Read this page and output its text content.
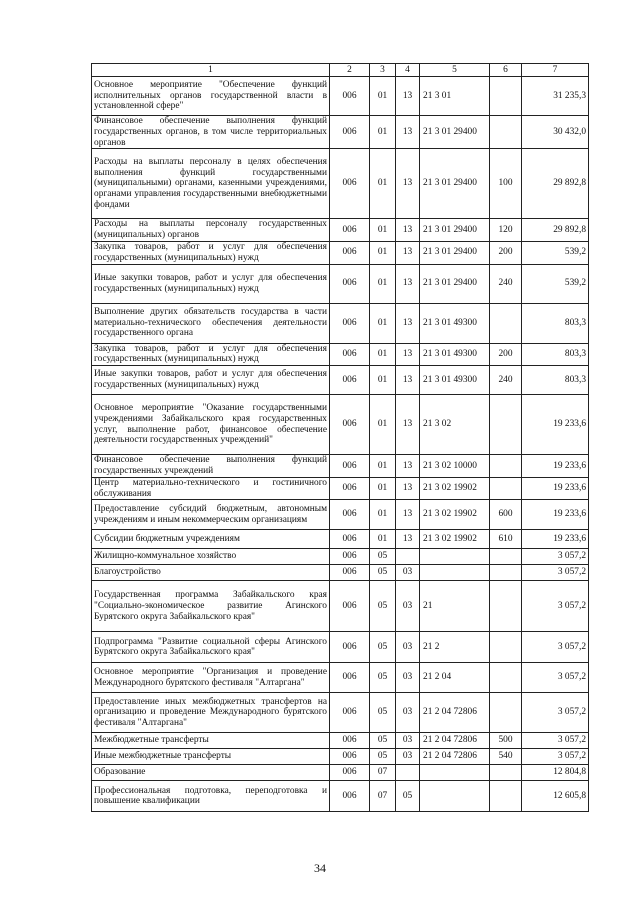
1	2	3	4	5	6	7
Основное мероприятие "Обеспечение функций исполнительных органов государственной власти в установленной сфере"	006	01	13	21 3 01		31 235,3
Финансовое обеспечение выполнения функций государственных органов, в том числе территориальных органов	006	01	13	21 3 01 29400		30 432,0
Расходы на выплаты персоналу в целях обеспечения выполнения функций государственными (муниципальными) органами, казенными учреждениями, органами управления государственными внебюджетными фондами	006	01	13	21 3 01 29400	100	29 892,8
Расходы на выплаты персоналу государственных (муниципальных) органов	006	01	13	21 3 01 29400	120	29 892,8
Закупка товаров, работ и услуг для обеспечения государственных (муниципальных) нужд	006	01	13	21 3 01 29400	200	539,2
Иные закупки товаров, работ и услуг для обеспечения государственных (муниципальных) нужд	006	01	13	21 3 01 29400	240	539,2
Выполнение других обязательств государства в части материально-технического обеспечения деятельности государственного органа	006	01	13	21 3 01 49300		803,3
Закупка товаров, работ и услуг для обеспечения государственных (муниципальных) нужд	006	01	13	21 3 01 49300	200	803,3
Иные закупки товаров, работ и услуг для обеспечения государственных (муниципальных) нужд	006	01	13	21 3 01 49300	240	803,3
Основное мероприятие "Оказание государственными учреждениями Забайкальского края государственных услуг, выполнение работ, финансовое обеспечение деятельности государственных учреждений"	006	01	13	21 3 02		19 233,6
Финансовое обеспечение выполнения функций государственных учреждений	006	01	13	21 3 02 10000		19 233,6
Центр материально-технического и гостиничного обслуживания	006	01	13	21 3 02 19902		19 233,6
Предоставление субсидий бюджетным, автономным учреждениям и иным некоммерческим организациям	006	01	13	21 3 02 19902	600	19 233,6
Субсидии бюджетным учреждениям	006	01	13	21 3 02 19902	610	19 233,6
Жилищно-коммунальное хозяйство	006	05				3 057,2
Благоустройство	006	05	03			3 057,2
Государственная программа Забайкальского края "Социально-экономическое развитие Агинского Бурятского округа Забайкальского края"	006	05	03	21		3 057,2
Подпрограмма "Развитие социальной сферы Агинского Бурятского округа Забайкальского края"	006	05	03	21 2		3 057,2
Основное мероприятие "Организация и проведение Международного бурятского фестиваля "Алтаргана"	006	05	03	21 2 04		3 057,2
Предоставление иных межбюджетных трансфертов на организацию и проведение Международного бурятского фестиваля "Алтаргана"	006	05	03	21 2 04 72806		3 057,2
Межбюджетные трансферты	006	05	03	21 2 04 72806	500	3 057,2
Иные межбюджетные трансферты	006	05	03	21 2 04 72806	540	3 057,2
Образование	006	07				12 804,8
Профессиональная подготовка, переподготовка и повышение квалификации	006	07	05			12 605,8
34
